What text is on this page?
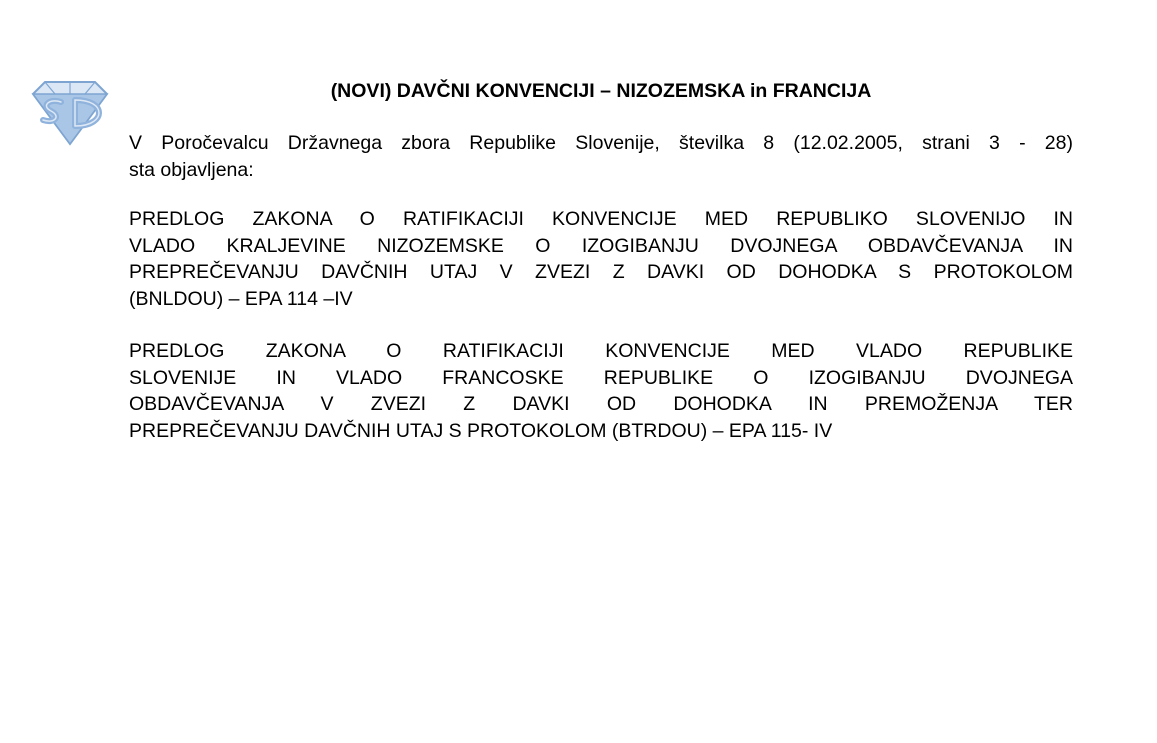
(NOVI) DAVČNI KONVENCIJI – NIZOZEMSKA in FRANCIJA

V Poročevalcu Državnega zbora Republike Slovenije, številka 8 (12.02.2005, strani 3 - 28)
sta objavljena:

PREDLOG ZAKONA O RATIFIKACIJI KONVENCIJE MED REPUBLIKO SLOVENIJO IN
VLADO KRALJEVINE NIZOZEMSKE O IZOGIBANJU DVOJNEGA OBDAVČEVANJA IN
PREPREČEVANJU DAVČNIH UTAJ V ZVEZI Z DAVKI OD DOHODKA S PROTOKOLOM
(BNLDOU) – EPA 114 –IV

PREDLOG ZAKONA O RATIFIKACIJI KONVENCIJE MED VLADO REPUBLIKE
SLOVENIJE IN VLADO FRANCOSKE REPUBLIKE O IZOGIBANJU DVOJNEGA
OBDAVČEVANJA V ZVEZI Z DAVKI OD DOHODKA IN PREMOŽENJA TER
PREPREČEVANJU DAVČNIH UTAJ S PROTOKOLOM (BTRDOU) – EPA 115- IV
